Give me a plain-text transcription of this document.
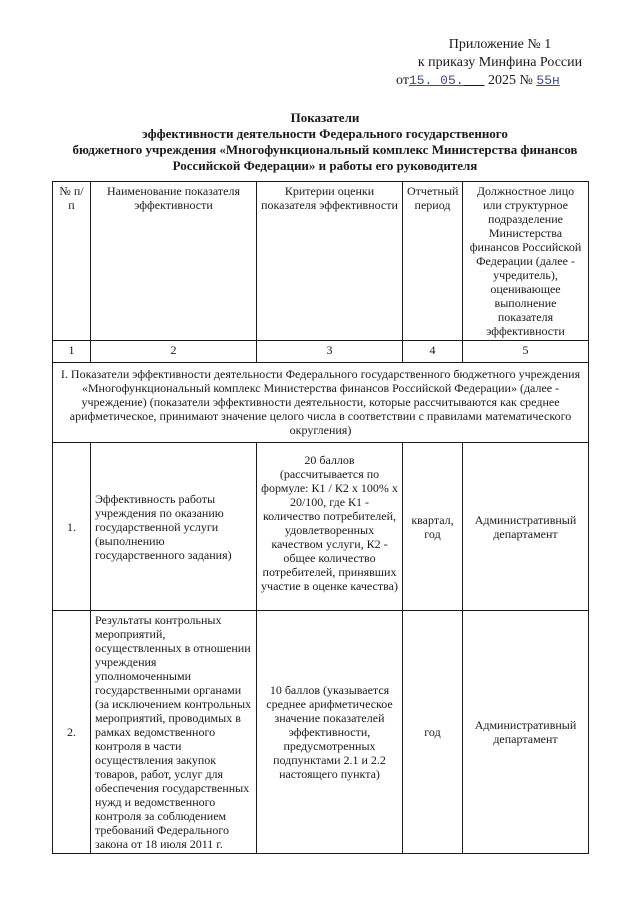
Приложение № 1
к приказу Минфина России
от15. 05. 2025 № 55н
Показатели
эффективности деятельности Федерального государственного
бюджетного учреждения «Многофункциональный комплекс Министерства финансов
Российской Федерации» и работы его руководителя
№ п/п	Наименование показателя эффективности	Критерии оценки показателя эффективности	Отчетный период	Должностное лицо или структурное подразделение Министерства финансов Российской Федерации (далее - учредитель), оценивающее выполнение показателя эффективности
1	2	3	4	5
I. Показатели эффективности деятельности Федерального государственного бюджетного учреждения «Многофункциональный комплекс Министерства финансов Российской Федерации» (далее - учреждение) (показатели эффективности деятельности, которые рассчитываются как среднее арифметическое, принимают значение целого числа в соответствии с правилами математического округления)				
1.	Эффективность работы учреждения по оказанию государственной услуги (выполнению государственного задания)	20 баллов (рассчитывается по формуле: К1 / К2 х 100% х 20/100, где К1 - количество потребителей, удовлетворенных качеством услуги, К2 - общее количество потребителей, принявших участие в оценке качества)	квартал, год	Административный департамент
2.	Результаты контрольных мероприятий, осуществленных в отношении учреждения уполномоченными государственными органами (за исключением контрольных мероприятий, проводимых в рамках ведомственного контроля в части осуществления закупок товаров, работ, услуг для обеспечения государственных нужд и ведомственного контроля за соблюдением требований Федерального закона от 18 июля 2011 г.	10 баллов (указывается среднее арифметическое значение показателей эффективности, предусмотренных подпунктами 2.1 и 2.2 настоящего пункта)	год	Административный департамент
